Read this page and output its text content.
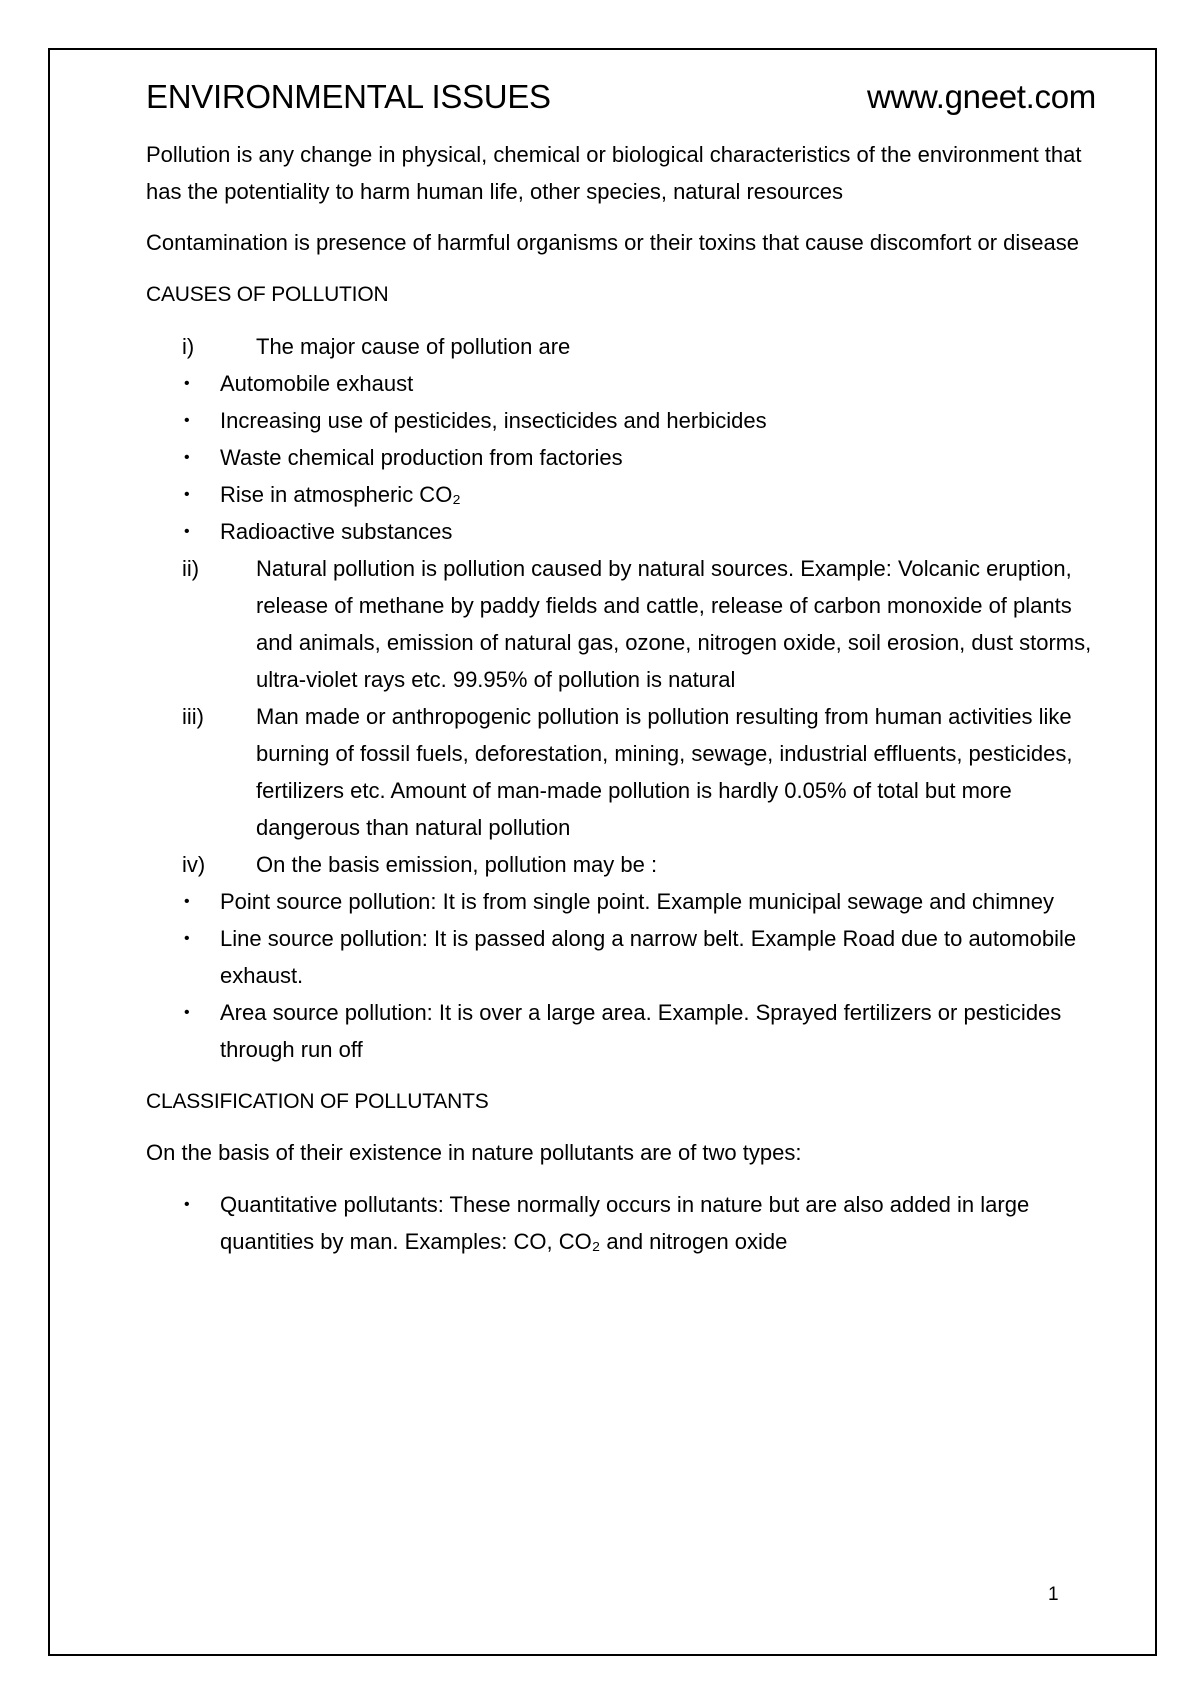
ENVIRONMENTAL ISSUES	www.gneet.com

Pollution is any change in physical, chemical or biological characteristics of the environment that has the potentiality to harm human life, other species, natural resources

Contamination is presence of harmful organisms or their toxins that cause discomfort or disease

CAUSES OF POLLUTION

i)	The major cause of pollution are
• Automobile exhaust
• Increasing use of pesticides, insecticides and herbicides
• Waste chemical production from factories
• Rise in atmospheric CO₂
• Radioactive substances
ii)	Natural pollution is pollution caused by natural sources. Example: Volcanic eruption, release of methane by paddy fields and cattle, release of carbon monoxide of plants and animals, emission of natural gas, ozone, nitrogen oxide, soil erosion, dust storms, ultra-violet rays etc. 99.95% of pollution is natural
iii) Man made or anthropogenic pollution is pollution resulting from human activities like burning of fossil fuels, deforestation, mining, sewage, industrial effluents, pesticides, fertilizers etc. Amount of man-made pollution is hardly 0.05% of total but more dangerous than natural pollution
iv) On the basis emission, pollution may be :
• Point source pollution: It is from single point. Example municipal sewage and chimney
• Line source pollution: It is passed along a narrow belt. Example Road due to automobile exhaust.
• Area source pollution: It is over a large area. Example. Sprayed fertilizers or pesticides through run off

CLASSIFICATION OF POLLUTANTS

On the basis of their existence in nature pollutants are of two types:

• Quantitative pollutants: These normally occurs in nature but are also added in large quantities by man. Examples: CO, CO₂ and nitrogen oxide
1
